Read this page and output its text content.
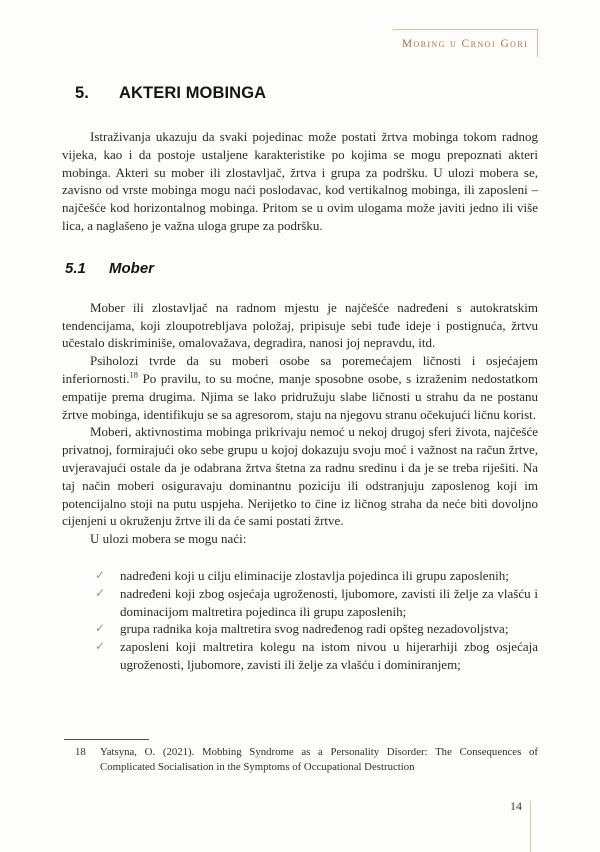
Mobing u Crnoj Gori
5. AKTERI MOBINGA

Istraživanja ukazuju da svaki pojedinac može postati žrtva mobinga tokom radnog vijeka, kao i da postoje ustaljene karakteristike po kojima se mogu prepoznati akteri mobinga. Akteri su mober ili zlostavljač, žrtva i grupa za podršku. U ulozi mobera se, zavisno od vrste mobinga mogu naći poslodavac, kod vertikalnog mobinga, ili zaposleni – najčešće kod horizontalnog mobinga. Pritom se u ovim ulogama može javiti jedno ili više lica, a naglašeno je važna uloga grupe za podršku.

5.1 Mober

Mober ili zlostavljač na radnom mjestu je najčešće nadređeni s autokratskim tendencijama, koji zloupotrebljava položaj, pripisuje sebi tuđe ideje i postignuća, žrtvu učestalo diskriminiše, omalovažava, degradira, nanosi joj nepravdu, itd.

Psiholozi tvrde da su moberi osobe sa poremećajem ličnosti i osjećajem inferiornosti.$^{18}$ Po pravilu, to su moćne, manje sposobne osobe, s izraženim nedostatkom empatije prema drugima. Njima se lako pridružuju slabe ličnosti u strahu da ne postanu žrtve mobinga, identifikuju se sa agresorom, staju na njegovu stranu očekujući ličnu korist.

Moberi, aktivnostima mobinga prikrivaju nemoć u nekoj drugoj sferi života, najčešće privatnoj, formirajući oko sebe grupu u kojoj dokazuju svoju moć i važnost na račun žrtve, uvjeravajući ostale da je odabrana žrtva štetna za radnu sredinu i da je se treba riješiti. Na taj način moberi osiguravaju dominantnu poziciju ili odstranjuju zaposlenog koji im potencijalno stoji na putu uspjeha. Nerijetko to čine iz ličnog straha da neće biti dovoljno cijenjeni u okruženju žrtve ili da će sami postati žrtve.

U ulozi mobera se mogu naći:

✓	nadređeni koji u cilju eliminacije zlostavlja pojedinca ili grupu zaposlenih;
✓	nadređeni koji zbog osjećaja ugroženosti, ljubomore, zavisti ili želje za vlašću i dominacijom maltretira pojedinca ili grupu zaposlenih;
✓	grupa radnika koja maltretira svog nadređenog radi opšteg nezadovoljstva;
✓	zaposleni koji maltretira kolegu na istom nivou u hijerarhiji zbog osjećaja ugroženosti, ljubomore, zavisti ili želje za vlašću i dominiranjem;
18	Yatsyna, O. (2021). Mobbing Syndrome as a Personality Disorder: The Consequences of Complicated Socialisation in the Symptoms of Occupational Destruction
14
